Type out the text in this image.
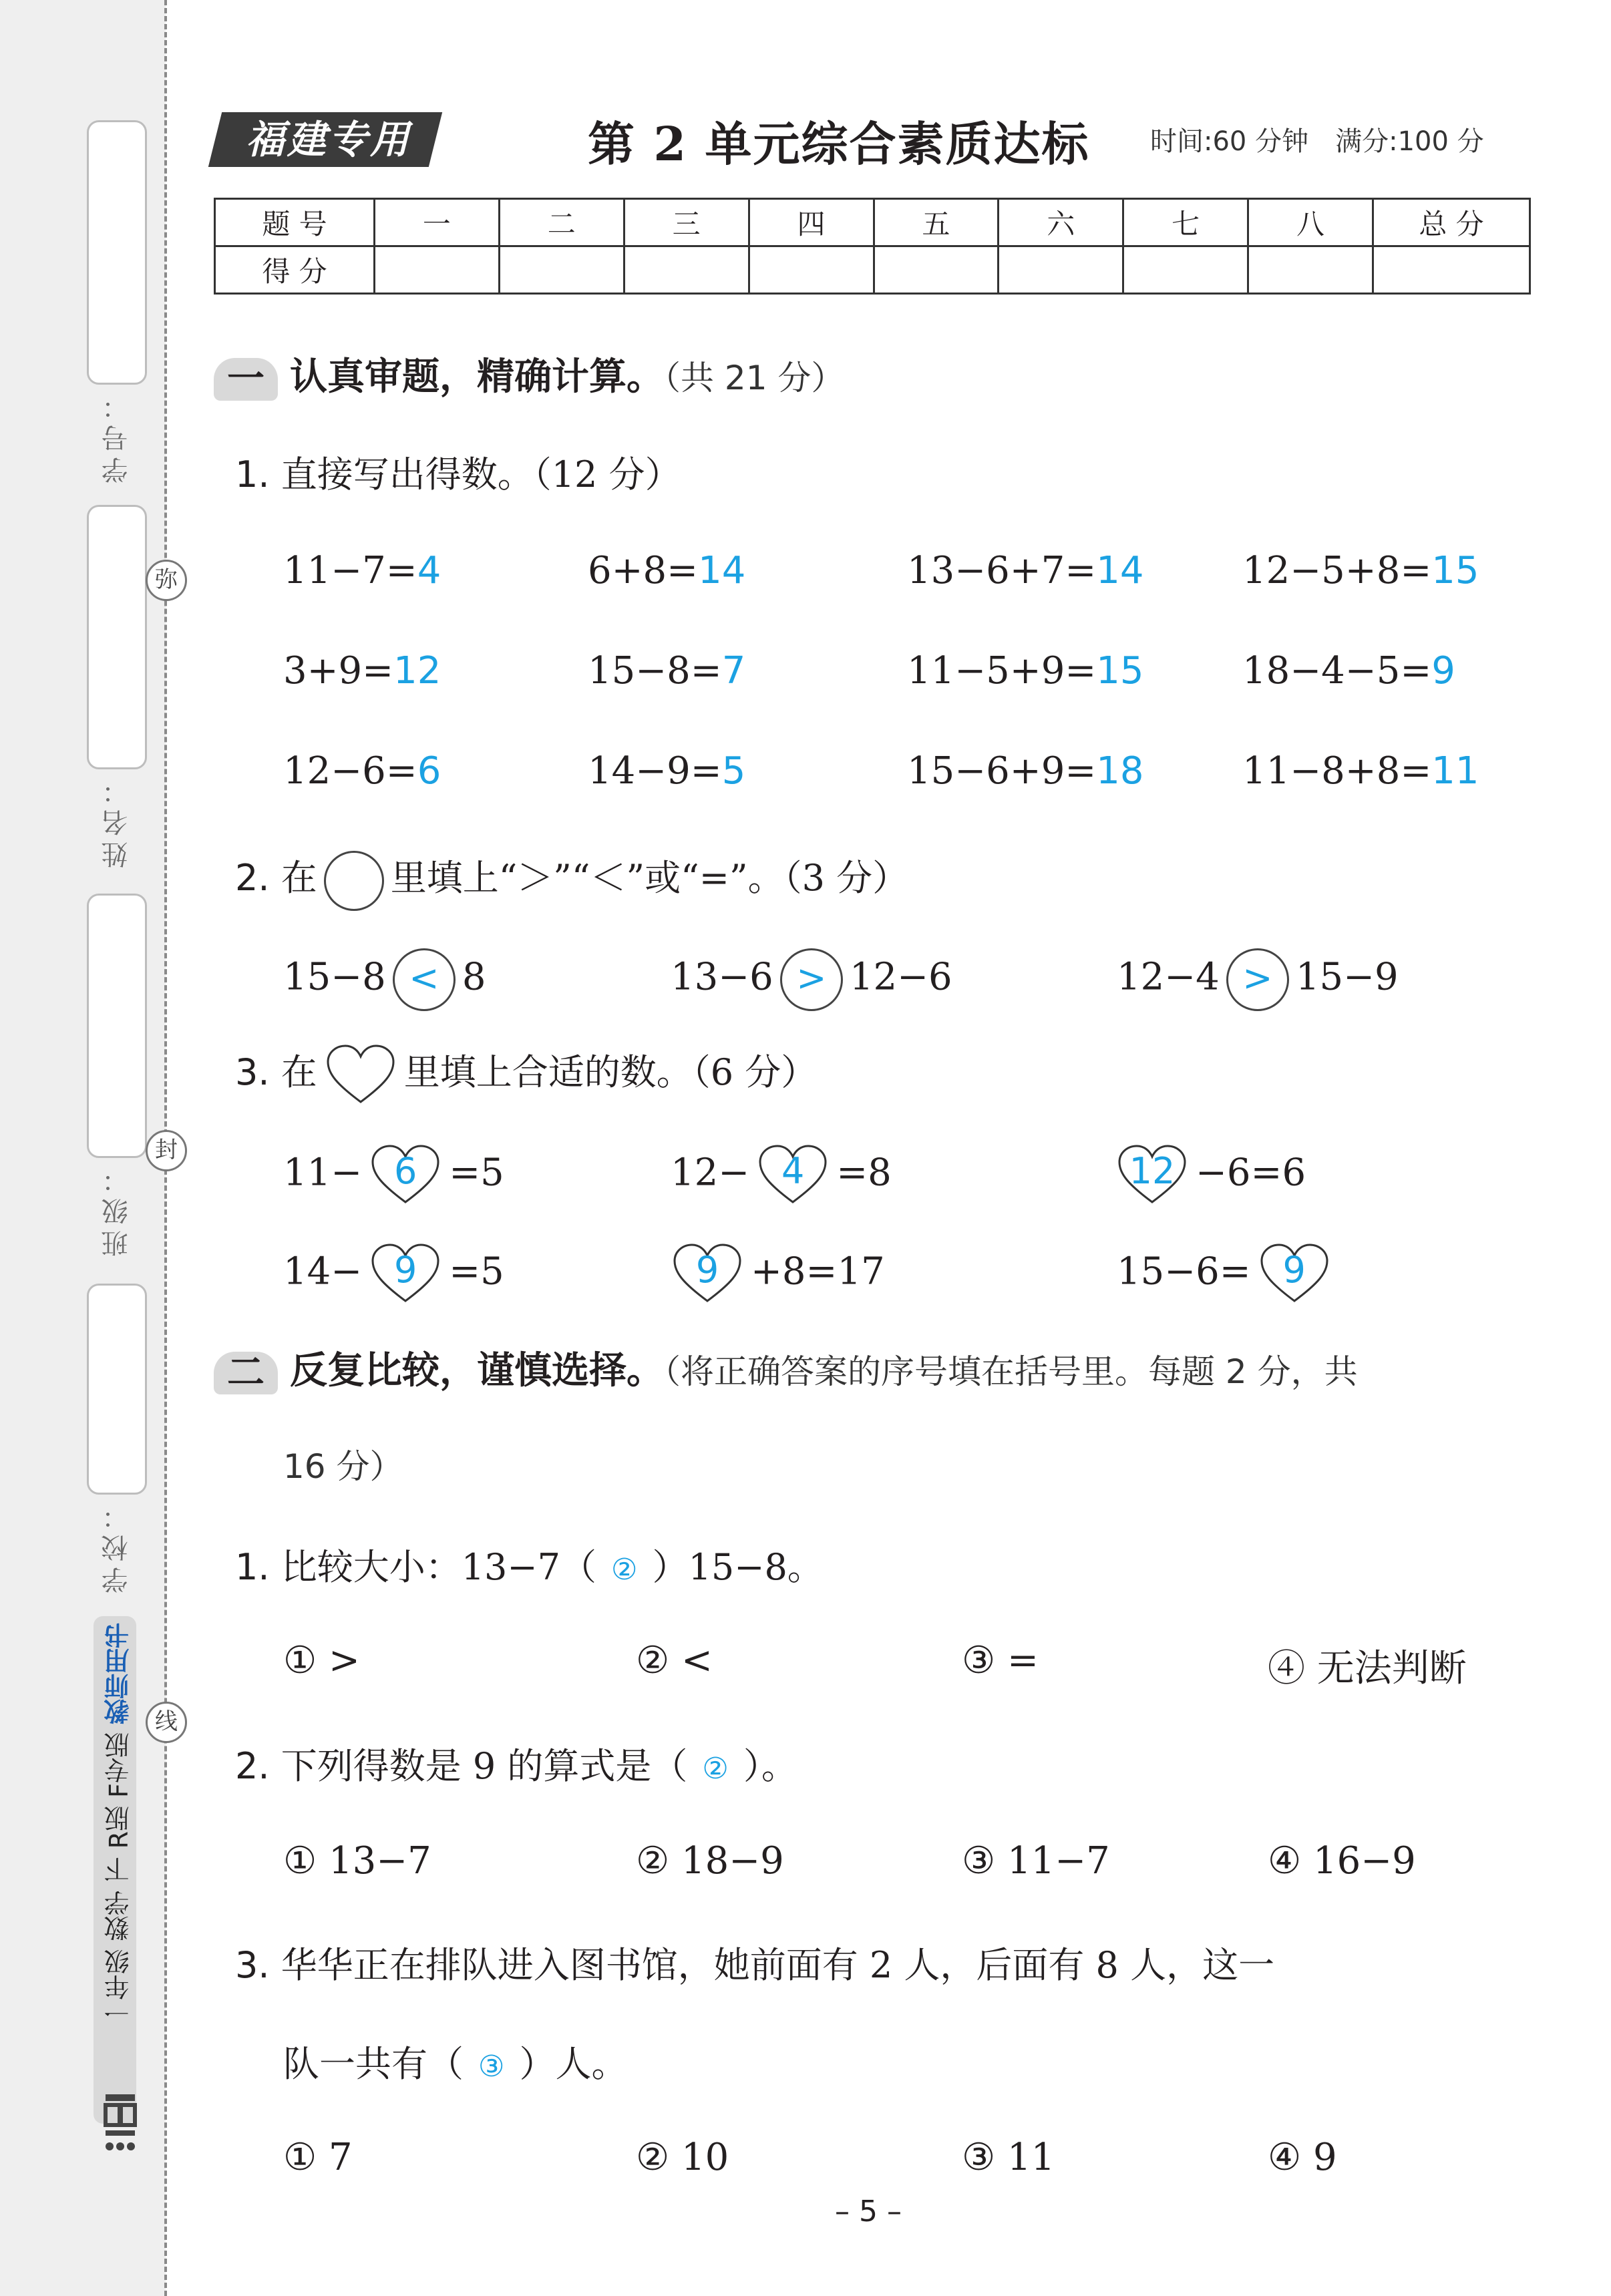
学号：
姓名：
班级：
学校：
弥
封
线
一年级 数学 下 R版 F专版 教师用书
福建专用	第 2 单元综合素质达标 时间:60 分钟　满分:100 分
题 号	一	二	三	四	五	六	七	八	总 分
得 分									
一 认真审题，精确计算。（共 21 分）
1. 直接写出得数。（12 分）
11−7=4	6+8=14	13−6+7=14	12−5+8=15
3+9=12	15−8=7	11−5+9=15	18−4−5=9
12−6=6	14−9=5	15−6+9=18	11−8+8=11
2. 在 里填上“＞”“＜”或“=”。（3 分）
15−8 < 8	13−6 > 12−6	12−4 > 15−9
3. 在 里填上合适的数。（6 分）
11− 6 =5	12− 4 =8	12 −6=6
14− 9 =5	9 +8=17	15−6= 9
二 反复比较，谨慎选择。（将正确答案的序号填在括号里。每题 2 分，共
16 分）
1. 比较大小：13−7（ ② ）15−8。
① >	② <	③ =	④ 无法判断
2. 下列得数是 9 的算式是（ ② ）。
① 13−7	② 18−9	③ 11−7	④ 16−9
3. 华华正在排队进入图书馆，她前面有 2 人，后面有 8 人，这一
队一共有（ ③ ）人。
① 7	② 10	③ 11	④ 9
– 5 –
